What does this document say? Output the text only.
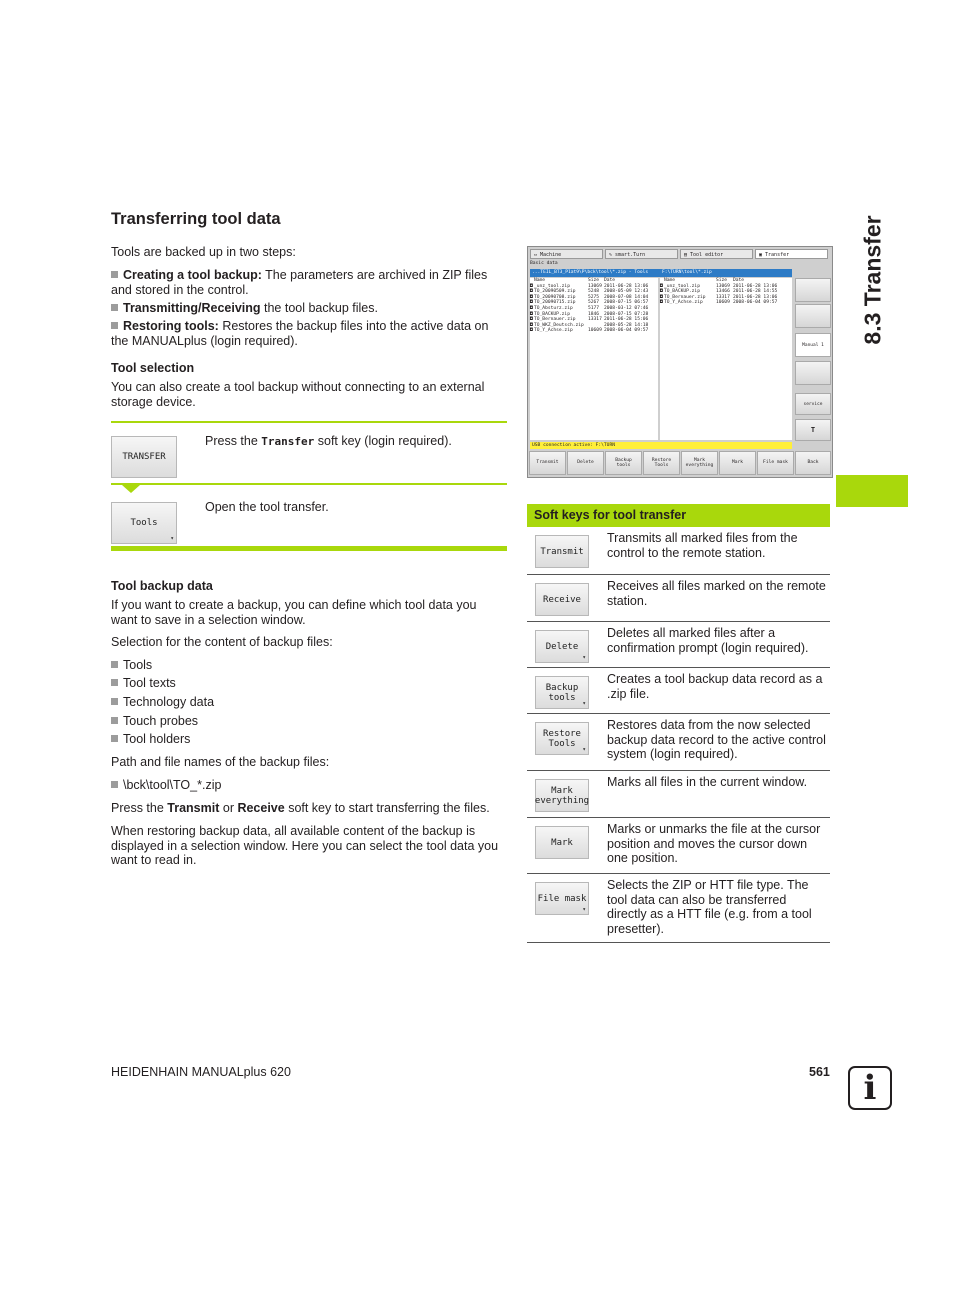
8.3 Transfer
Transferring tool data
Tools are backed up in two steps:
Creating a tool backup: The parameters are archived in ZIP files and stored in the control.
Transmitting/Receiving the tool backup files.
Restoring tools: Restores the backup files into the active data on the MANUALplus (login required).
Tool selection
You can also create a tool backup without connecting to an external storage device.
TRANSFER
Press the Transfer soft key (login required).
Tools
▾
Open the tool transfer.
Tool backup data
If you want to create a backup, you can define which tool data you want to save in a selection window.
Selection for the content of backup files:
Tools
Tool texts
Technology data
Touch probes
Tool holders
Path and file names of the backup files:
\bck\tool\TO_*.zip
Press the Transmit or Receive soft key to start transferring the files.
When restoring backup data, all available content of the backup is displayed in a selection window. Here you can select the tool data you want to read in.
▭ Machine	✎ smart.Turn	▤ Tool editor	▣ Transfer
Basic data
...TEIL_BT3_P1at9\P\bck\tool\*.zip - Tools	F:\TURN\tool\*.zip
Name	Size Date
◘ _unz_tool.zip	13069 2011-06-28 13:06
◘ TO_20090509.zip	5248 2008-05-09 12:43
◘ TO_20090708.zip	5275 2008-07-08 14:04
◘ TO_20090715.zip	5267 2008-07-15 06:57
◘ TO_Absturz.zip	5177 2008-03-12 07:46
◘ TO_BACKUP.zip	1846 2008-07-15 07:28
◘ TO_Bernauer.zip	13317 2011-06-28 15:06
◘ TO_WKZ_Deutsch.zip	2008-05-28 14:18
◘ TO_Y_Achse.zip	10609 2008-06-04 09:57
Name	Size Date
◘ _unz_tool.zip	13069 2011-06-28 13:06
◘ TO_BACKUP.zip	13466 2011-06-28 14:55
◘ TO_Bernauer.zip 13317 2011-06-28 13:06
◘ TO_Y_Achse.zip	10609 2008-06-04 09:57
USB connection active: F:\TURN
Manual 1
service
T
Transmit	Delete
Backup
tools
Restore
Tools
Mark
everything
Mark	File mask	Back
Soft keys for tool transfer
Transmit
Transmits all marked files from the control to the remote station.
Receive
Receives all files marked on the remote station.
Delete
▾
Deletes all marked files after a confirmation prompt (login required).
Backup
tools
▾
Creates a tool backup data record as a .zip file.
Restore
Tools
▾
Restores data from the now selected backup data record to the active control system (login required).
Mark
everything
Marks all files in the current window.
Mark
Marks or unmarks the file at the cursor position and moves the cursor down one position.
File mask
▾
Selects the ZIP or HTT file type. The tool data can also be transferred directly as a HTT file (e.g. from a tool presetter).
HEIDENHAIN MANUALplus 620	561 i
